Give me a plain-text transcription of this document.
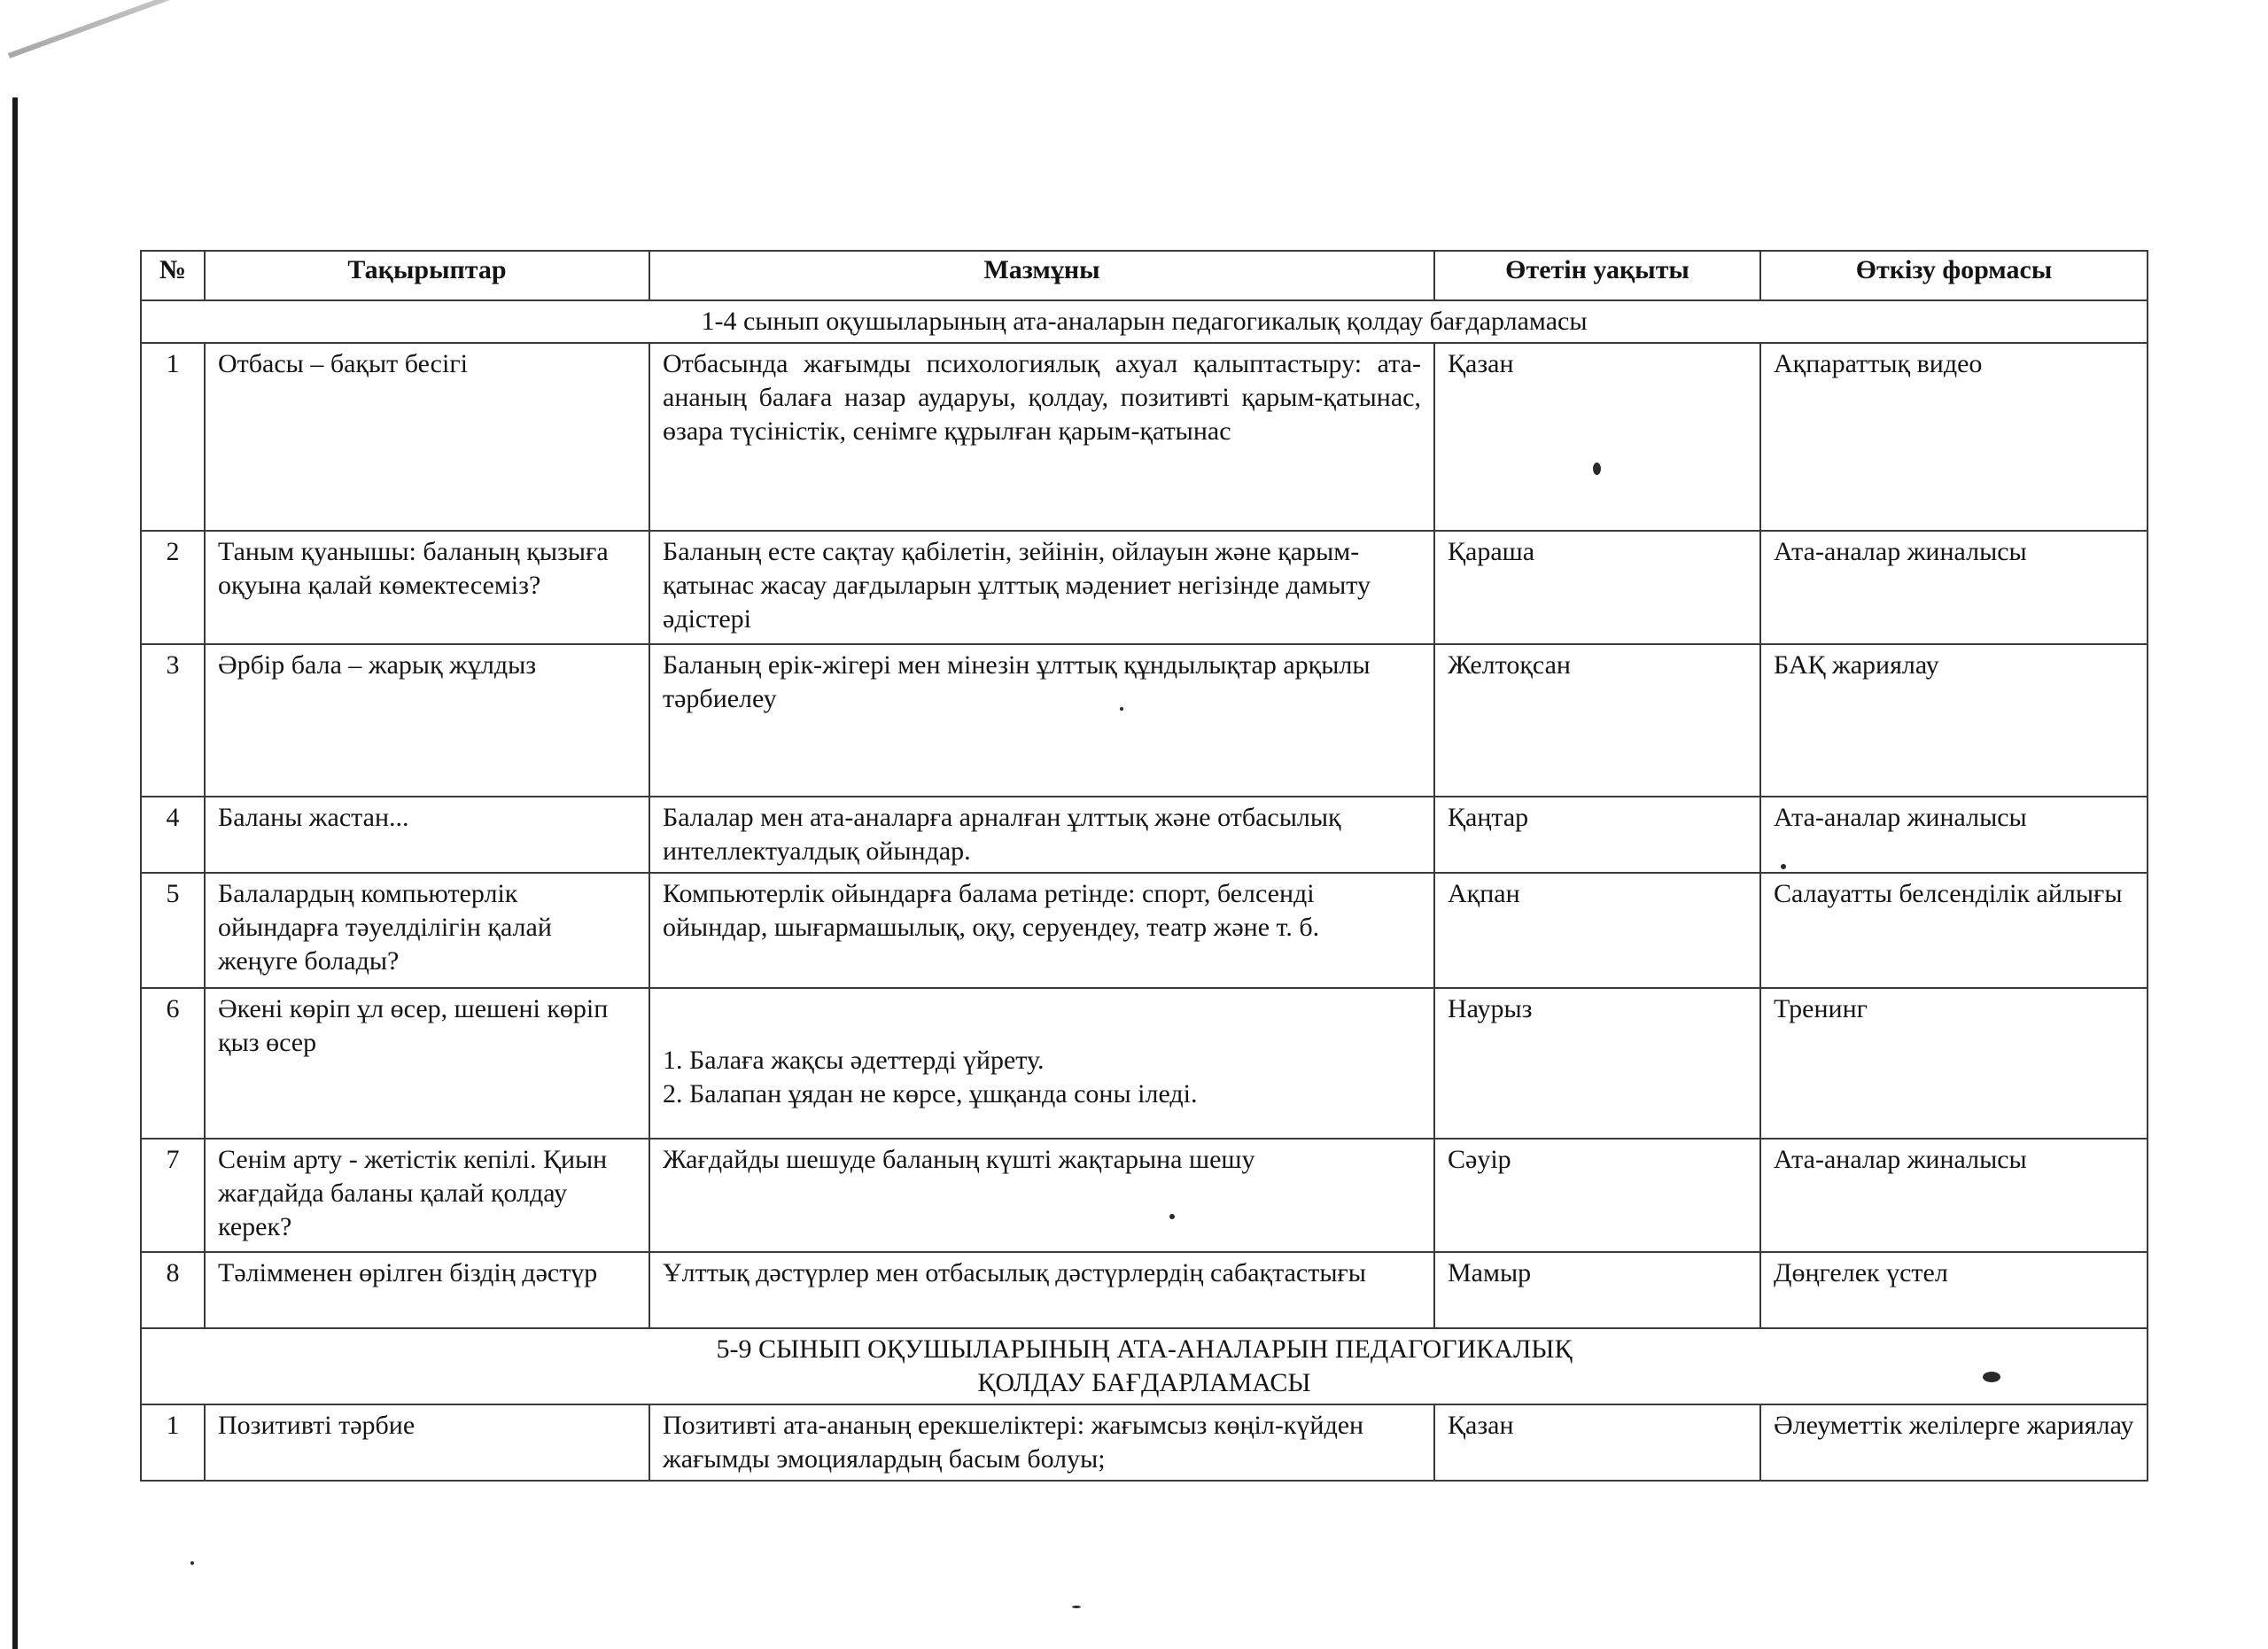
№	Тақырыптар	Мазмұны	Өтетін уақыты	Өткізу формасы
1-4 сынып оқушыларының ата-аналарын педагогикалық қолдау бағдарламасы				
1	Отбасы – бақыт бесігі	Отбасында жағымды психологиялық ахуал қалыптастыру: ата-ананың балаға назар аударуы, қолдау, позитивті қарым-қатынас, өзара түсіністік, сенімге құрылған қарым-қатынас	Қазан	Ақпараттық видео
2	Таным қуанышы: баланың қызыға оқуына қалай көмектесеміз?	Баланың есте сақтау қабілетін, зейінін, ойлауын және қарым-қатынас жасау дағдыларын ұлттық мәдениет негізінде дамыту әдістері	Қараша	Ата-аналар жиналысы
3	Әрбір бала – жарық жұлдыз	Баланың ерік-жігері мен мінезін ұлттық құндылықтар арқылы
тәрбиелеу	Желтоқсан	БАҚ жариялау
4	Баланы жастан...	Балалар мен ата-аналарға арналған ұлттық және отбасылық интеллектуалдық ойындар.	Қаңтар	Ата-аналар жиналысы
5	Балалардың компьютерлік ойындарға тәуелділігін қалай жеңуге болады?	Компьютерлік ойындарға балама ретінде: спорт, белсенді ойындар, шығармашылық, оқу, серуендеу, театр және т. б.	Ақпан	Салауатты белсенділік айлығы
6	Әкені көріп ұл өсер, шешені көріп қыз өсер	1. Балаға жақсы әдеттерді үйрету.
2. Балапан ұядан не көрсе, ұшқанда соны іледі.	Наурыз	Тренинг
7	Сенім арту - жетістік кепілі. Қиын жағдайда баланы қалай қолдау керек?	Жағдайды шешуде баланың күшті жақтарына шешу	Сәуір	Ата-аналар жиналысы
8	Тәлімменен өрілген біздің дәстүр	Ұлттық дәстүрлер мен отбасылық дәстүрлердің сабақтастығы	Мамыр	Дөңгелек үстел
5-9 СЫНЫП ОҚУШЫЛАРЫНЫҢ АТА-АНАЛАРЫН ПЕДАГОГИКАЛЫҚ
ҚОЛДАУ БАҒДАРЛАМАСЫ				
1	Позитивті тәрбие	Позитивті ата-ананың ерекшеліктері: жағымсыз көңіл-күйден жағымды эмоциялардың басым болуы;	Қазан	Әлеуметтік желілерге жариялау
